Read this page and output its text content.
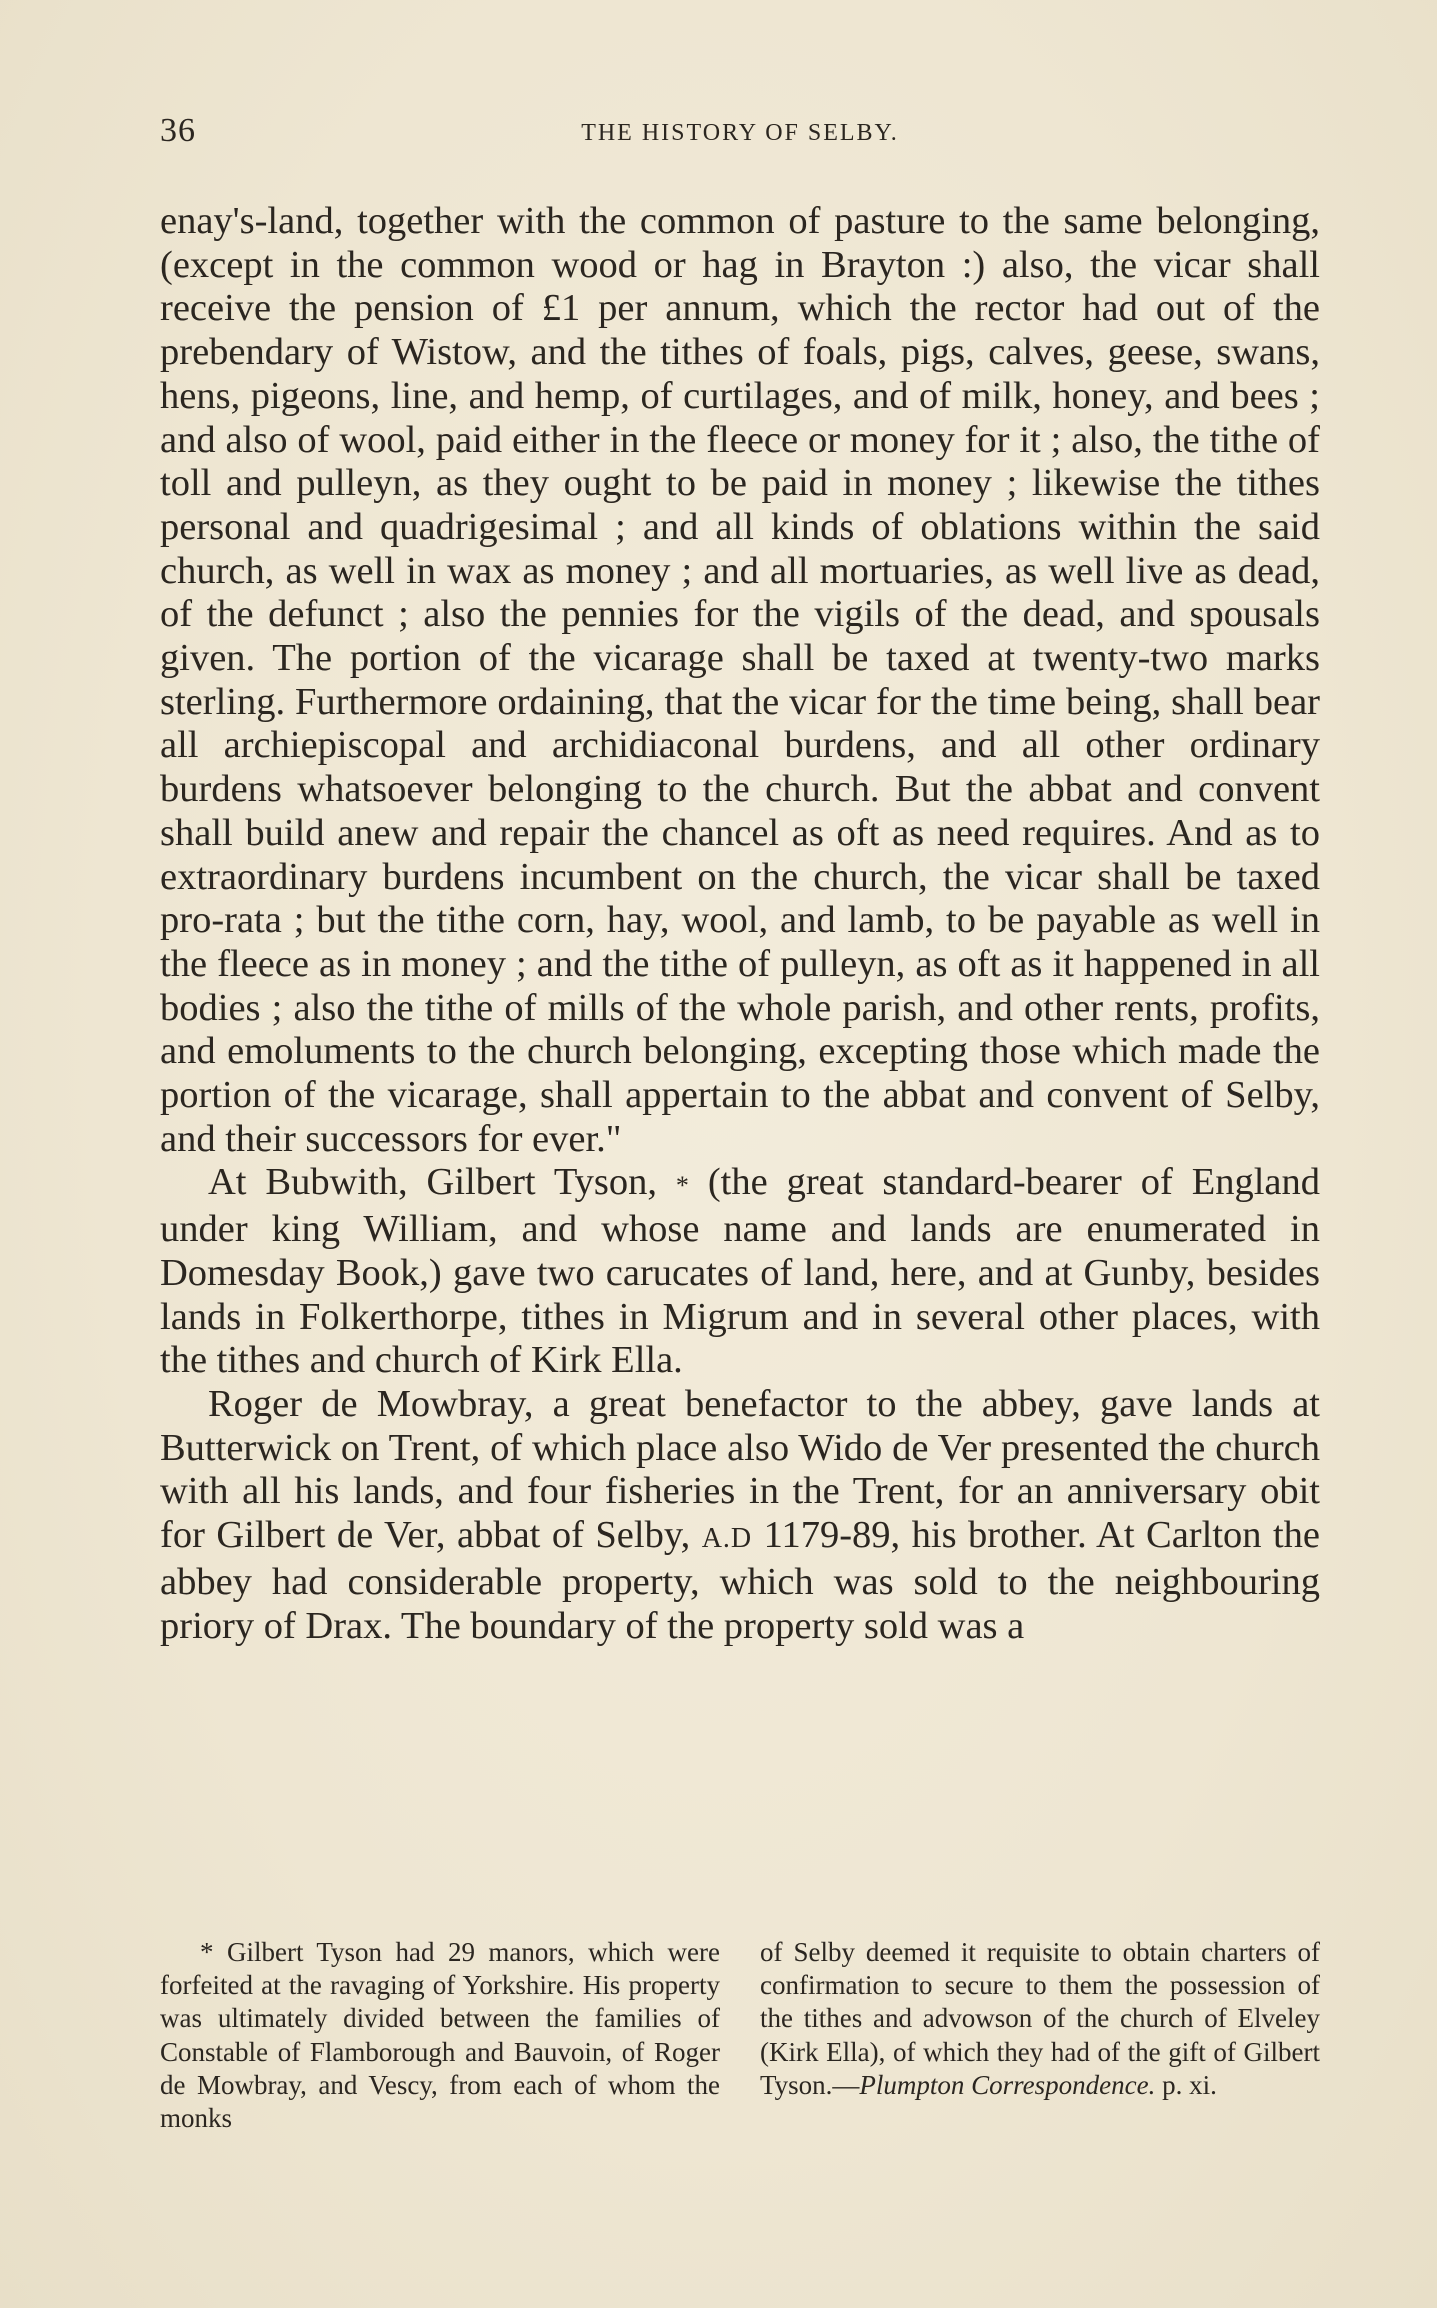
36	THE HISTORY OF SELBY.

enay's-land, together with the common of pasture to the same belonging, (except in the common wood or hag in Brayton :) also, the vicar shall receive the pension of £1 per annum, which the rector had out of the prebendary of Wistow, and the tithes of foals, pigs, calves, geese, swans, hens, pigeons, line, and hemp, of curtilages, and of milk, honey, and bees ; and also of wool, paid either in the fleece or money for it ; also, the tithe of toll and pulleyn, as they ought to be paid in money ; likewise the tithes personal and quadrigesimal ; and all kinds of oblations within the said church, as well in wax as money ; and all mortuaries, as well live as dead, of the defunct ; also the pennies for the vigils of the dead, and spousals given. The portion of the vicarage shall be taxed at twenty-two marks sterling. Furthermore ordaining, that the vicar for the time being, shall bear all archiepiscopal and archidiaconal burdens, and all other ordinary burdens whatsoever belonging to the church. But the abbat and convent shall build anew and repair the chancel as oft as need requires. And as to extraordinary burdens incumbent on the church, the vicar shall be taxed pro-rata ; but the tithe corn, hay, wool, and lamb, to be payable as well in the fleece as in money ; and the tithe of pulleyn, as oft as it happened in all bodies ; also the tithe of mills of the whole parish, and other rents, profits, and emoluments to the church belonging, excepting those which made the portion of the vicarage, shall appertain to the abbat and convent of Selby, and their successors for ever."

At Bubwith, Gilbert Tyson, * (the great standard-bearer of England under king William, and whose name and lands are enumerated in Domesday Book,) gave two carucates of land, here, and at Gunby, besides lands in Folkerthorpe, tithes in Migrum and in several other places, with the tithes and church of Kirk Ella.

Roger de Mowbray, a great benefactor to the abbey, gave lands at Butterwick on Trent, of which place also Wido de Ver presented the church with all his lands, and four fisheries in the Trent, for an anniversary obit for Gilbert de Ver, abbat of Selby, A.D 1179-89, his brother. At Carlton the abbey had considerable property, which was sold to the neighbouring priory of Drax. The boundary of the property sold was a

* Gilbert Tyson had 29 manors, which were forfeited at the ravaging of Yorkshire. His property was ultimately divided between the families of Constable of Flamborough and Bauvoin, of Roger de Mowbray, and Vescy, from each of whom the monks

of Selby deemed it requisite to obtain charters of confirmation to secure to them the possession of the tithes and advowson of the church of Elveley (Kirk Ella), of which they had of the gift of Gilbert Tyson.—Plumpton Correspondence. p. xi.
